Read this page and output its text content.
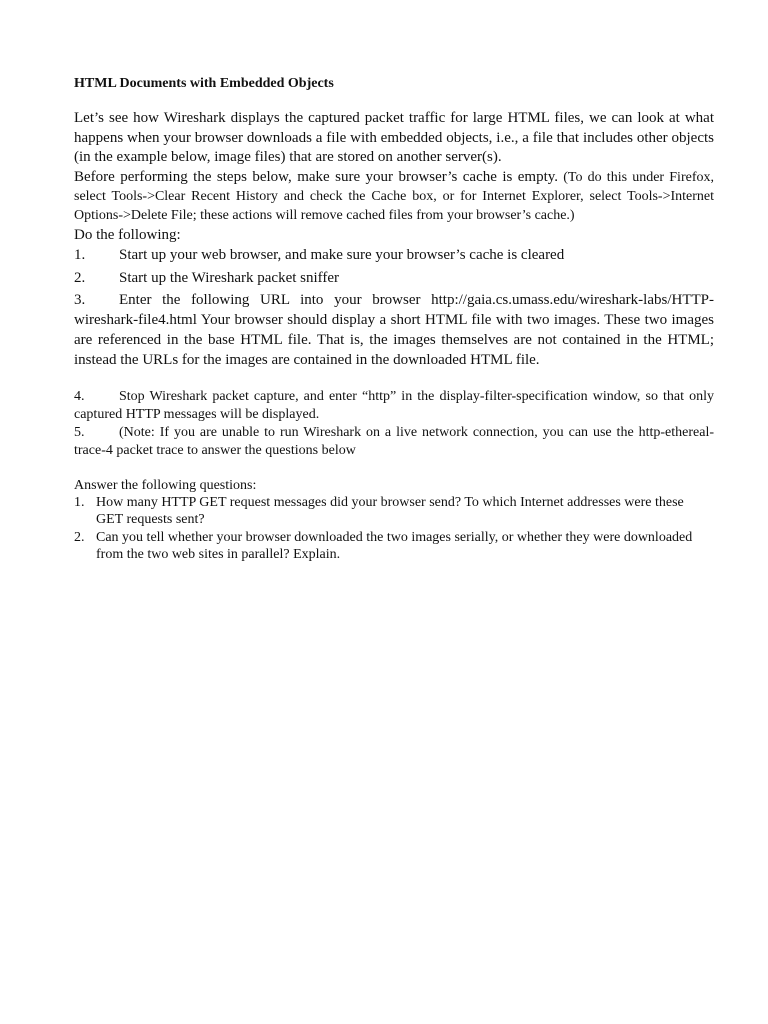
HTML Documents with Embedded Objects

Let’s see how Wireshark displays the captured packet traffic for large HTML files, we can look at what happens when your browser downloads a file with embedded objects, i.e., a file that includes other objects (in the example below, image files) that are stored on another server(s).

Before performing the steps below, make sure your browser’s cache is empty. (To do this under Firefox, select Tools->Clear Recent History and check the Cache box, or for Internet Explorer, select Tools->Internet Options->Delete File; these actions will remove cached files from your browser’s cache.)

Do the following:

1. Start up your web browser, and make sure your browser’s cache is cleared

2. Start up the Wireshark packet sniffer

3. Enter the following URL into your browser http://gaia.cs.umass.edu/wireshark-labs/HTTP-wireshark-file4.html Your browser should display a short HTML file with two images. These two images are referenced in the base HTML file. That is, the images themselves are not contained in the HTML; instead the URLs for the images are contained in the downloaded HTML file.

4. Stop Wireshark packet capture, and enter “http” in the display-filter-specification window, so that only captured HTTP messages will be displayed.

5. (Note: If you are unable to run Wireshark on a live network connection, you can use the http-ethereal-trace-4 packet trace to answer the questions below

Answer the following questions:

1. How many HTTP GET request messages did your browser send? To which Internet addresses were these GET requests sent?
2. Can you tell whether your browser downloaded the two images serially, or whether they were downloaded from the two web sites in parallel? Explain.
